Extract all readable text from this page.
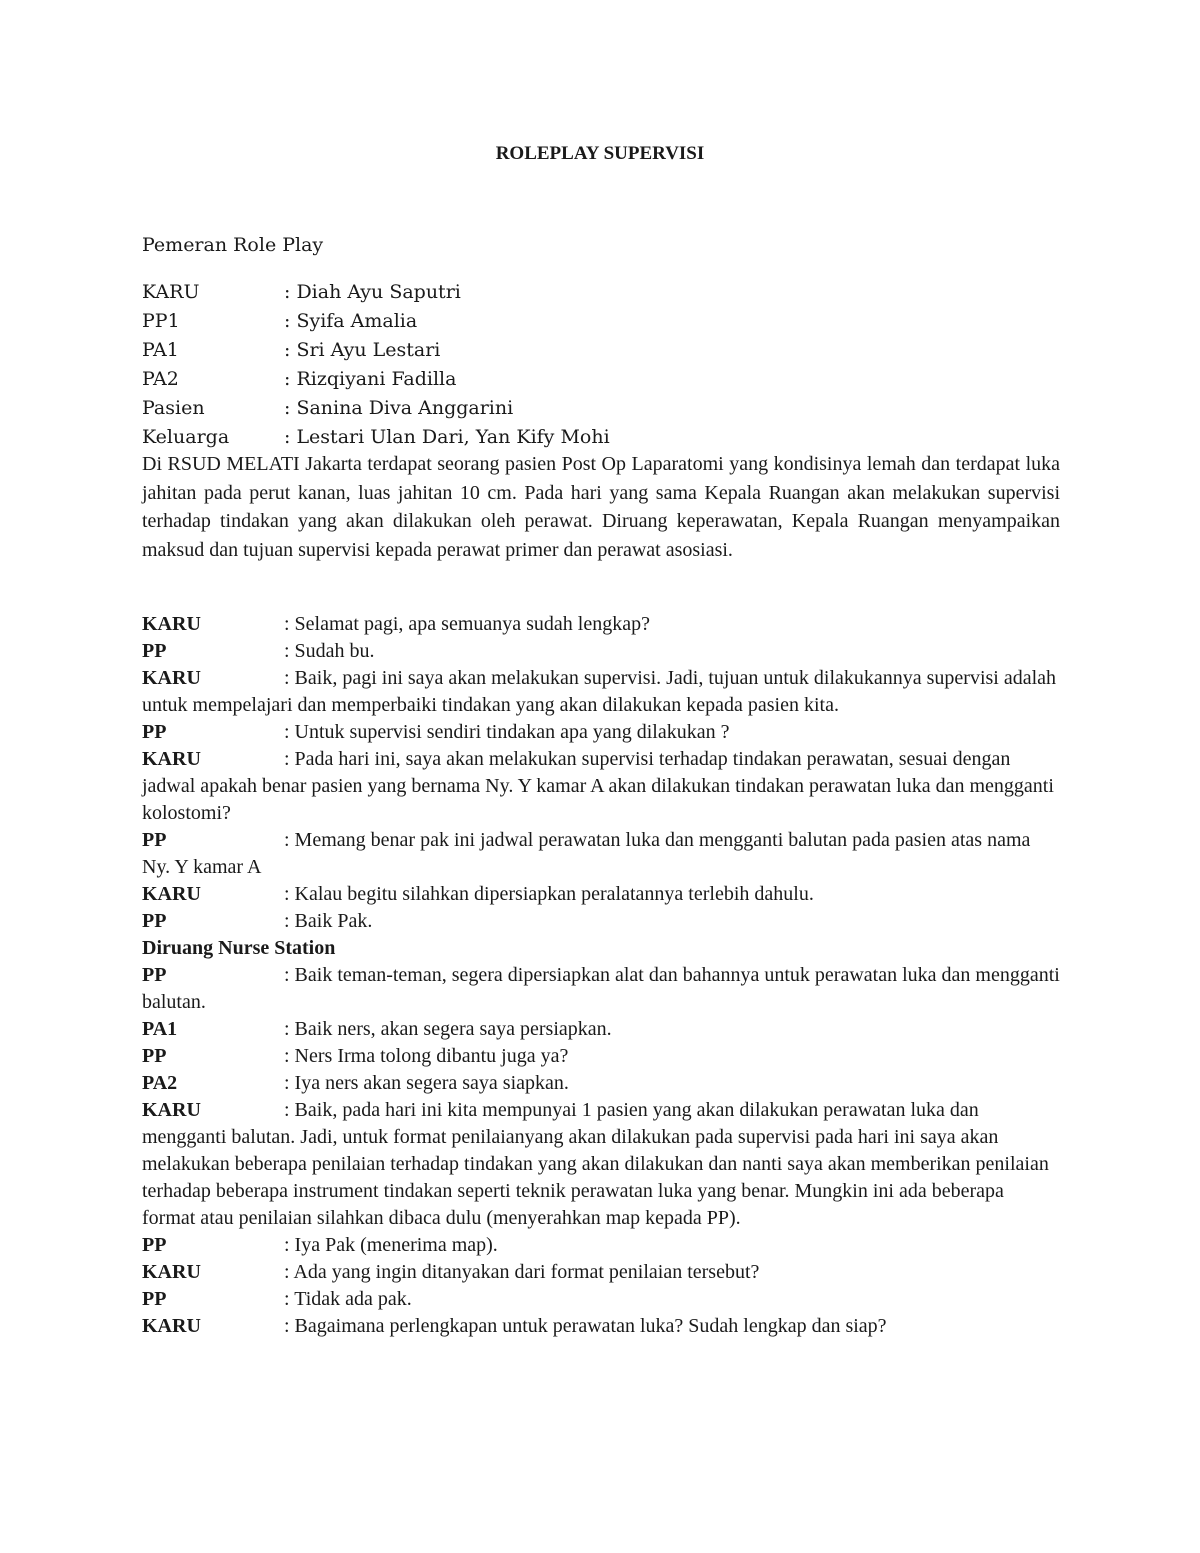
ROLEPLAY SUPERVISI
Pemeran Role Play
KARU	: Diah Ayu Saputri
PP1	: Syifa Amalia
PA1	: Sri Ayu Lestari
PA2	: Rizqiyani Fadilla
Pasien	: Sanina Diva Anggarini
Keluarga	: Lestari Ulan Dari, Yan Kify Mohi
Di RSUD MELATI Jakarta terdapat seorang pasien Post Op Laparatomi yang kondisinya lemah dan terdapat luka jahitan pada perut kanan, luas jahitan 10 cm. Pada hari yang sama Kepala Ruangan akan melakukan supervisi terhadap tindakan yang akan dilakukan oleh perawat. Diruang keperawatan, Kepala Ruangan menyampaikan maksud dan tujuan supervisi kepada perawat primer dan perawat asosiasi.
KARU	: Selamat pagi, apa semuanya sudah lengkap?
PP	: Sudah bu.
KARU	: Baik, pagi ini saya akan melakukan supervisi. Jadi, tujuan untuk dilakukannya supervisi adalah untuk mempelajari dan memperbaiki tindakan yang akan dilakukan kepada pasien kita.
PP	: Untuk supervisi sendiri tindakan apa yang dilakukan ?
KARU	: Pada hari ini, saya akan melakukan supervisi terhadap tindakan perawatan, sesuai dengan jadwal apakah benar pasien yang bernama Ny. Y kamar A akan dilakukan tindakan perawatan luka dan mengganti kolostomi?
PP	: Memang benar pak ini jadwal perawatan luka dan mengganti balutan pada pasien atas nama Ny. Y kamar A
KARU	: Kalau begitu silahkan dipersiapkan peralatannya terlebih dahulu.
PP	: Baik Pak.
Diruang Nurse Station
PP	: Baik teman-teman, segera dipersiapkan alat dan bahannya untuk perawatan luka dan mengganti balutan.
PA1	: Baik ners, akan segera saya persiapkan.
PP	: Ners Irma tolong dibantu juga ya?
PA2	: Iya ners akan segera saya siapkan.
KARU	: Baik, pada hari ini kita mempunyai 1 pasien yang akan dilakukan perawatan luka dan mengganti balutan. Jadi, untuk format penilaianyang akan dilakukan pada supervisi pada hari ini saya akan melakukan beberapa penilaian terhadap tindakan yang akan dilakukan dan nanti saya akan memberikan penilaian terhadap beberapa instrument tindakan seperti teknik perawatan luka yang benar. Mungkin ini ada beberapa format atau penilaian silahkan dibaca dulu (menyerahkan map kepada PP).
PP	: Iya Pak (menerima map).
KARU	: Ada yang ingin ditanyakan dari format penilaian tersebut?
PP	: Tidak ada pak.
KARU	: Bagaimana perlengkapan untuk perawatan luka? Sudah lengkap dan siap?
